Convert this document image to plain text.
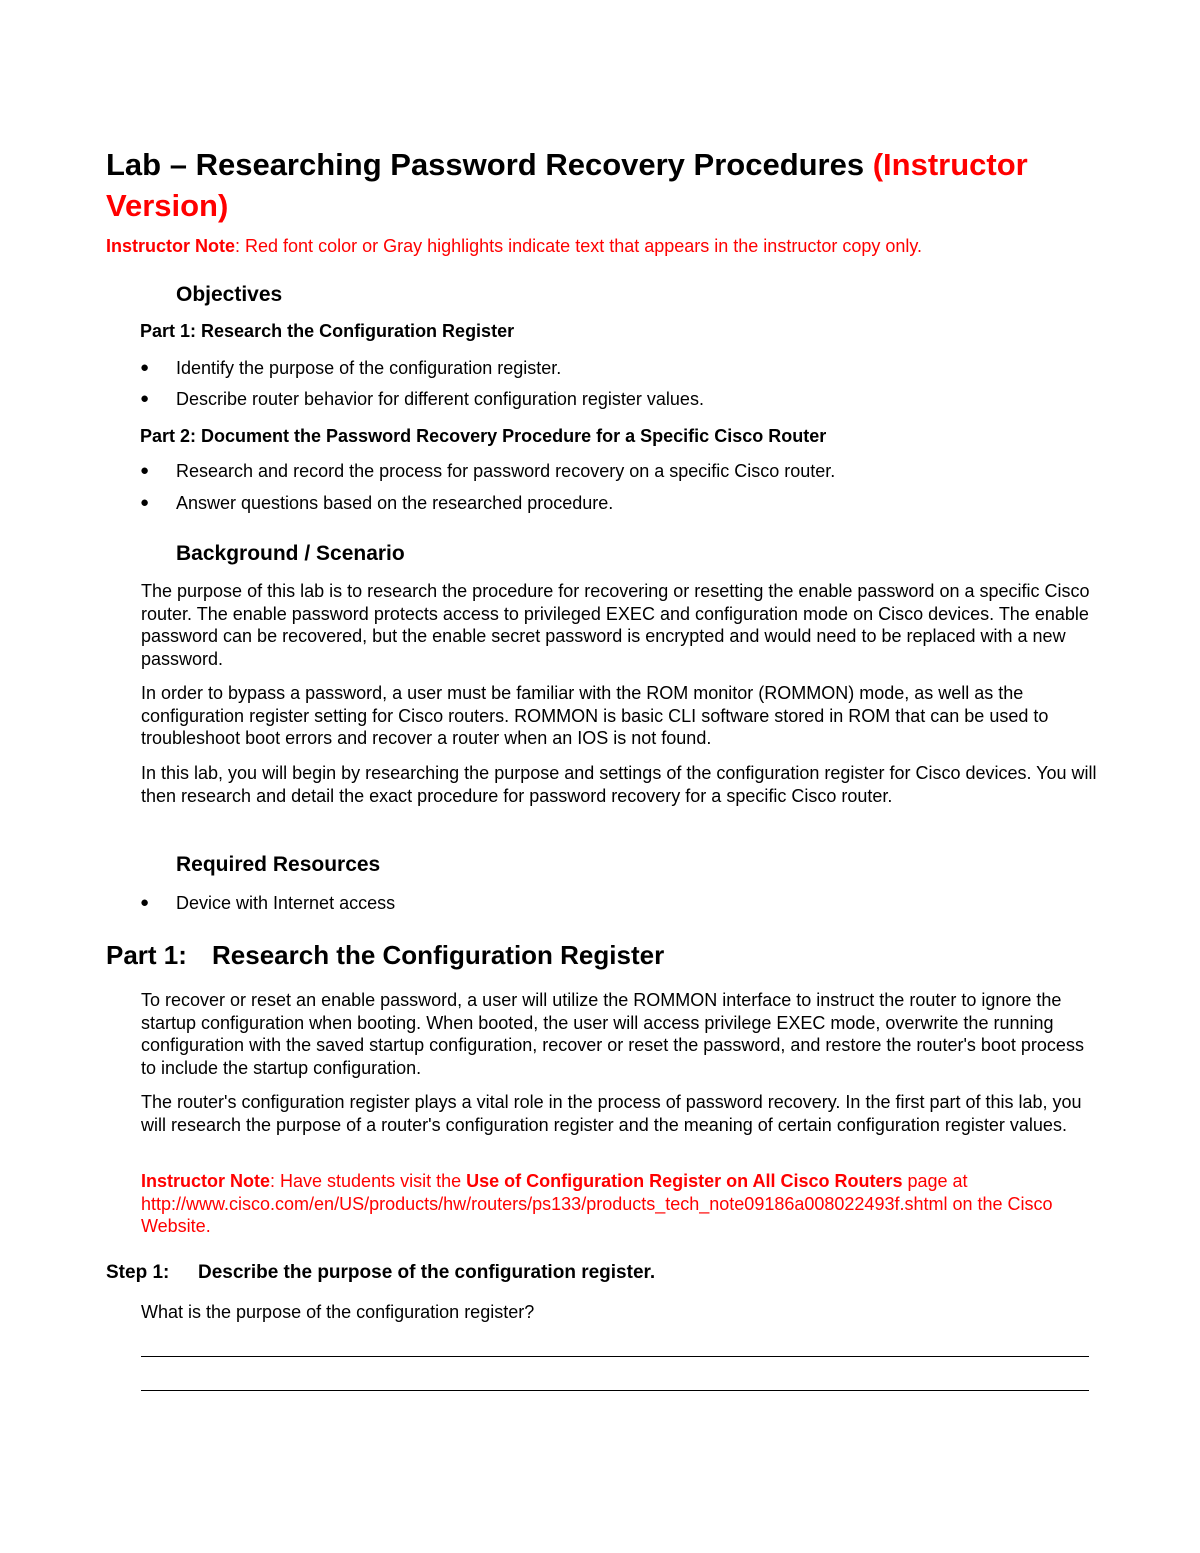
Lab – Researching Password Recovery Procedures (Instructor Version)

Instructor Note: Red font color or Gray highlights indicate text that appears in the instructor copy only.

Objectives

Part 1: Research the Configuration Register

● Identify the purpose of the configuration register.
● Describe router behavior for different configuration register values.

Part 2: Document the Password Recovery Procedure for a Specific Cisco Router

● Research and record the process for password recovery on a specific Cisco router.
● Answer questions based on the researched procedure.
Background / Scenario

The purpose of this lab is to research the procedure for recovering or resetting the enable password on a specific Cisco router. The enable password protects access to privileged EXEC and configuration mode on Cisco devices. The enable password can be recovered, but the enable secret password is encrypted and would need to be replaced with a new password.

In order to bypass a password, a user must be familiar with the ROM monitor (ROMMON) mode, as well as the configuration register setting for Cisco routers. ROMMON is basic CLI software stored in ROM that can be used to troubleshoot boot errors and recover a router when an IOS is not found.

In this lab, you will begin by researching the purpose and settings of the configuration register for Cisco devices. You will then research and detail the exact procedure for password recovery for a specific Cisco router.

Required Resources
● Device with Internet access
Part 1: Research the Configuration Register

To recover or reset an enable password, a user will utilize the ROMMON interface to instruct the router to ignore the startup configuration when booting. When booted, the user will access privilege EXEC mode, overwrite the running configuration with the saved startup configuration, recover or reset the password, and restore the router's boot process to include the startup configuration.

The router's configuration register plays a vital role in the process of password recovery. In the first part of this lab, you will research the purpose of a router's configuration register and the meaning of certain configuration register values.

Instructor Note: Have students visit the Use of Configuration Register on All Cisco Routers page at http://www.cisco.com/en/US/products/hw/routers/ps133/products_tech_note09186a008022493f.shtml on the Cisco Website.

Step 1: Describe the purpose of the configuration register.

What is the purpose of the configuration register?
